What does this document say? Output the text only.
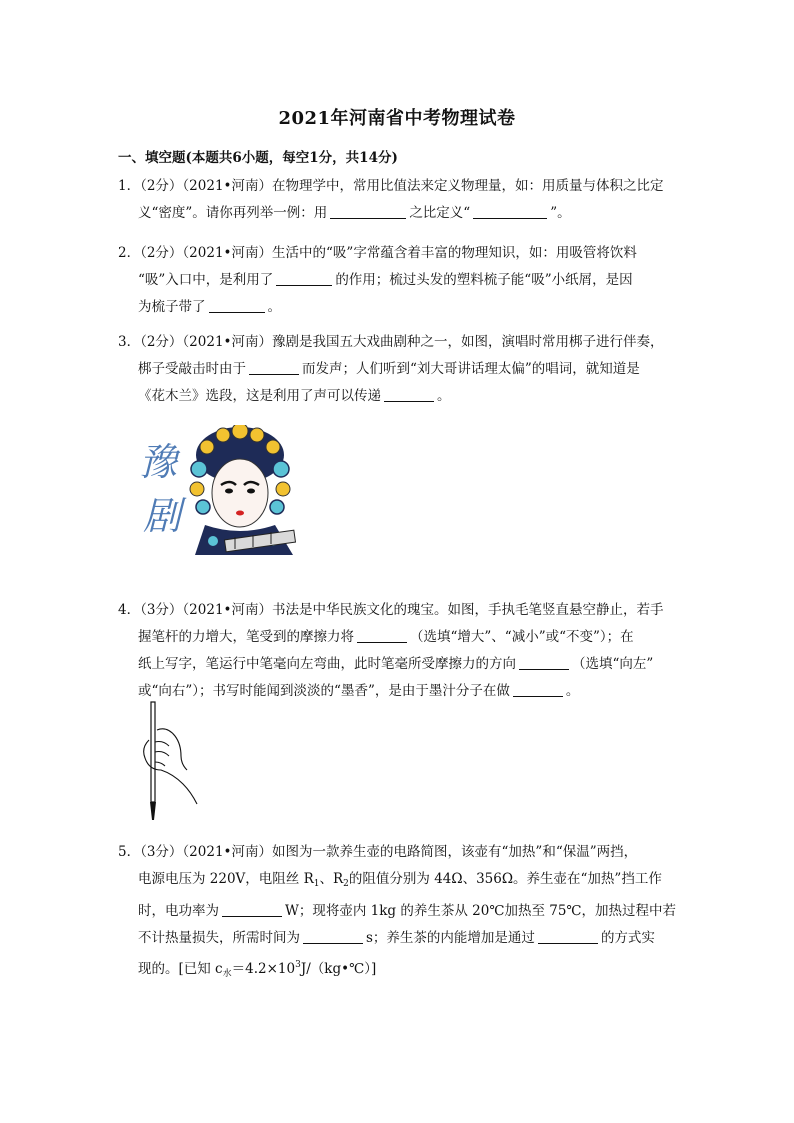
2021年河南省中考物理试卷
一、填空题(本题共6小题，每空1分，共14分)
1．（2分）（2021•河南）在物理学中，常用比值法来定义物理量，如：用质量与体积之比定
义“密度”。请你再列举一例：用	之比定义“	”。
2．（2分）（2021•河南）生活中的“吸”字常蕴含着丰富的物理知识，如：用吸管将饮料
“吸”入口中，是利用了	的作用；梳过头发的塑料梳子能“吸”小纸屑，是因
为梳子带了	。
3．（2分）（2021•河南）豫剧是我国五大戏曲剧种之一，如图，演唱时常用梆子进行伴奏，
梆子受敲击时由于	而发声；人们听到“刘大哥讲话理太偏”的唱词，就知道是
《花木兰》选段，这是利用了声可以传递	。
豫
剧
4．（3分）（2021•河南）书法是中华民族文化的瑰宝。如图，手执毛笔竖直悬空静止，若手
握笔杆的力增大，笔受到的摩擦力将	（选填“增大”、“减小”或“不变”）；在
纸上写字，笔运行中笔毫向左弯曲，此时笔毫所受摩擦力的方向	（选填“向左”
或“向右”）；书写时能闻到淡淡的“墨香”，是由于墨汁分子在做	。
5．（3分）（2021•河南）如图为一款养生壶的电路简图，该壶有“加热”和“保温”两挡，
电源电压为 220V，电阻丝 $R_1$、$R_2$的阻值分别为 44Ω、356Ω。养生壶在“加热”挡工作
时，电功率为	W；现将壶内 1kg 的养生茶从 20℃加热至 75℃，加热过程中若
不计热量损失，所需时间为	s；养生茶的内能增加是通过	的方式实
现的。[已知 $c_水=4.2\times 10^3J/(kg•℃)$]
